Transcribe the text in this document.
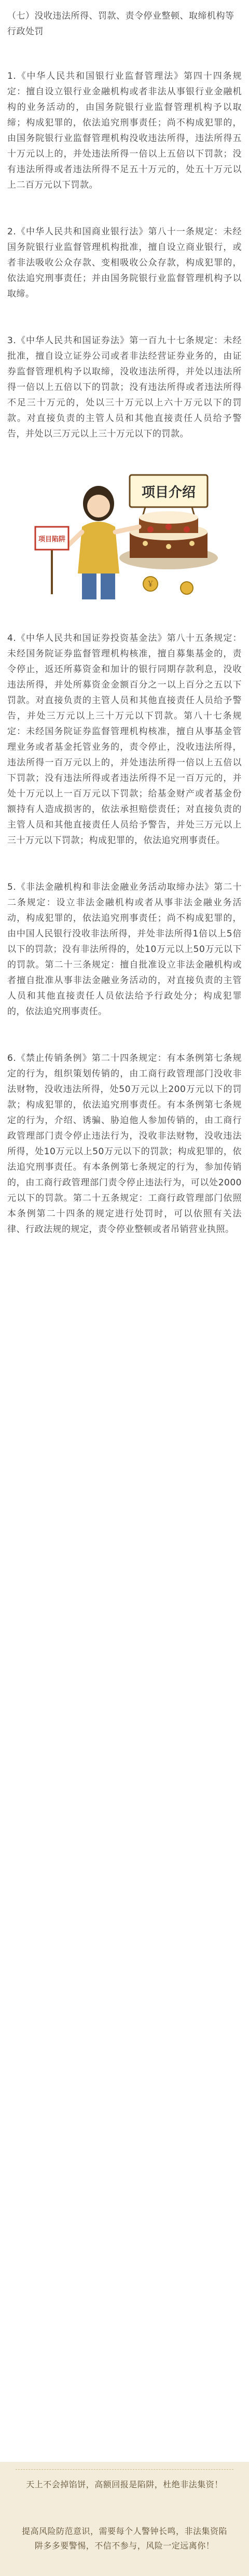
（七）没收违法所得、罚款、责令停业整顿、取缔机构等行政处罚

1.《中华人民共和国银行业监督管理法》第四十四条规定：擅自设立银行业金融机构或者非法从事银行业金融机构的业务活动的，由国务院银行业监督管理机构予以取缔；构成犯罪的，依法追究刑事责任；尚不构成犯罪的，由国务院银行业监督管理机构没收违法所得，违法所得五十万元以上的，并处违法所得一倍以上五倍以下罚款；没有违法所得或者违法所得不足五十万元的，处五十万元以上二百万元以下罚款。

2.《中华人民共和国商业银行法》第八十一条规定：未经国务院银行业监督管理机构批准，擅自设立商业银行，或者非法吸收公众存款、变相吸收公众存款，构成犯罪的，依法追究刑事责任；并由国务院银行业监督管理机构予以取缔。

3.《中华人民共和国证券法》第一百九十七条规定：未经批准，擅自设立证券公司或者非法经营证券业务的，由证券监督管理机构予以取缔，没收违法所得，并处以违法所得一倍以上五倍以下的罚款；没有违法所得或者违法所得不足三十万元的，处以三十万元以上六十万元以下的罚款。对直接负责的主管人员和其他直接责任人员给予警告，并处以三万元以上三十万元以下的罚款。

项目介绍
￥
项目陷阱

4.《中华人民共和国证券投资基金法》第八十五条规定：未经国务院证券监督管理机构核准，擅自募集基金的，责令停止，返还所募资金和加计的银行同期存款利息，没收违法所得，并处所募资金金额百分之一以上百分之五以下罚款。对直接负责的主管人员和其他直接责任人员给予警告，并处三万元以上三十万元以下罚款。第八十七条规定：未经国务院证券监督管理机构核准，擅自从事基金管理业务或者基金托管业务的，责令停止，没收违法所得，违法所得一百万元以上的，并处违法所得一倍以上五倍以下罚款；没有违法所得或者违法所得不足一百万元的，并处十万元以上一百万元以下罚款；给基金财产或者基金份额持有人造成损害的，依法承担赔偿责任；对直接负责的主管人员和其他直接责任人员给予警告，并处三万元以上三十万元以下罚款；构成犯罪的，依法追究刑事责任。

5.《非法金融机构和非法金融业务活动取缔办法》第二十二条规定：设立非法金融机构或者从事非法金融业务活动，构成犯罪的，依法追究刑事责任；尚不构成犯罪的，由中国人民银行没收非法所得，并处非法所得1倍以上5倍以下的罚款；没有非法所得的，处10万元以上50万元以下的罚款。第二十三条规定：擅自批准设立非法金融机构或者擅自批准从事非法金融业务活动的，对直接负责的主管人员和其他直接责任人员依法给予行政处分；构成犯罪的，依法追究刑事责任。

6.《禁止传销条例》第二十四条规定：有本条例第七条规定的行为，组织策划传销的，由工商行政管理部门没收非法财物，没收违法所得，处50万元以上200万元以下的罚款；构成犯罪的，依法追究刑事责任。有本条例第七条规定的行为，介绍、诱骗、胁迫他人参加传销的，由工商行政管理部门责令停止违法行为，没收非法财物，没收违法所得，处10万元以上50万元以下的罚款；构成犯罪的，依法追究刑事责任。有本条例第七条规定的行为，参加传销的，由工商行政管理部门责令停止违法行为，可以处2000元以下的罚款。第二十五条规定：工商行政管理部门依照本条例第二十四条的规定进行处罚时，可以依照有关法律、行政法规的规定，责令停业整顿或者吊销营业执照。

天上不会掉馅饼，高额回报是陷阱，杜绝非法集资！
提高风险防范意识，需要每个人警钟长鸣，非法集资陷阱多多要警惕，不信不参与，风险一定远离你！
